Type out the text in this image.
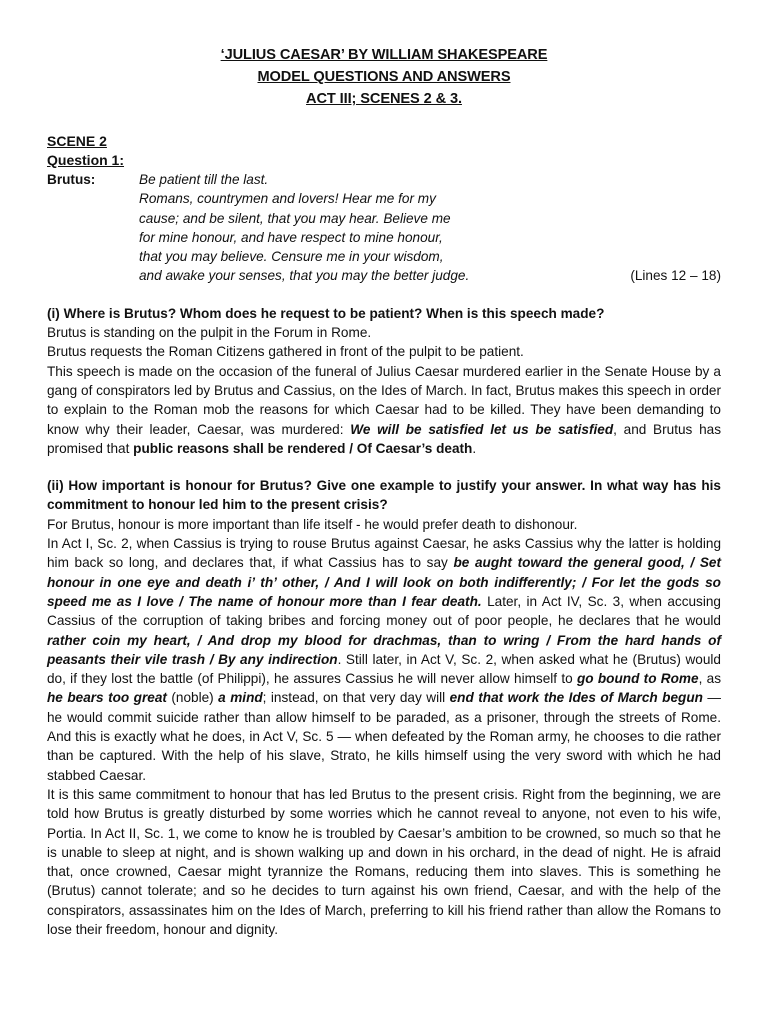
‘JULIUS CAESAR’ BY WILLIAM SHAKESPEARE
MODEL QUESTIONS AND ANSWERS
ACT III; SCENES 2 & 3.
SCENE 2
Question 1:
Brutus:	Be patient till the last.
Romans, countrymen and lovers! Hear me for my
cause; and be silent, that you may hear. Believe me
for mine honour, and have respect to mine honour,
that you may believe. Censure me in your wisdom,
and awake your senses, that you may the better judge.	(Lines 12 – 18)
(i) Where is Brutus? Whom does he request to be patient? When is this speech made?
Brutus is standing on the pulpit in the Forum in Rome.
Brutus requests the Roman Citizens gathered in front of the pulpit to be patient.
This speech is made on the occasion of the funeral of Julius Caesar murdered earlier in the Senate House by a gang of conspirators led by Brutus and Cassius, on the Ides of March. In fact, Brutus makes this speech in order to explain to the Roman mob the reasons for which Caesar had to be killed. They have been demanding to know why their leader, Caesar, was murdered: We will be satisfied let us be satisfied, and Brutus has promised that public reasons shall be rendered / Of Caesar’s death.
(ii) How important is honour for Brutus? Give one example to justify your answer. In what way has his commitment to honour led him to the present crisis?
For Brutus, honour is more important than life itself - he would prefer death to dishonour.
In Act I, Sc. 2, when Cassius is trying to rouse Brutus against Caesar, he asks Cassius why the latter is holding him back so long, and declares that, if what Cassius has to say be aught toward the general good, / Set honour in one eye and death i’ th’ other, / And I will look on both indifferently; / For let the gods so speed me as I love / The name of honour more than I fear death. Later, in Act IV, Sc. 3, when accusing Cassius of the corruption of taking bribes and forcing money out of poor people, he declares that he would rather coin my heart, / And drop my blood for drachmas, than to wring / From the hard hands of peasants their vile trash / By any indirection. Still later, in Act V, Sc. 2, when asked what he (Brutus) would do, if they lost the battle (of Philippi), he assures Cassius he will never allow himself to go bound to Rome, as he bears too great (noble) a mind; instead, on that very day will end that work the Ides of March begun — he would commit suicide rather than allow himself to be paraded, as a prisoner, through the streets of Rome. And this is exactly what he does, in Act V, Sc. 5 — when defeated by the Roman army, he chooses to die rather than be captured. With the help of his slave, Strato, he kills himself using the very sword with which he had stabbed Caesar.
It is this same commitment to honour that has led Brutus to the present crisis. Right from the beginning, we are told how Brutus is greatly disturbed by some worries which he cannot reveal to anyone, not even to his wife, Portia. In Act II, Sc. 1, we come to know he is troubled by Caesar’s ambition to be crowned, so much so that he is unable to sleep at night, and is shown walking up and down in his orchard, in the dead of night. He is afraid that, once crowned, Caesar might tyrannize the Romans, reducing them into slaves. This is something he (Brutus) cannot tolerate; and so he decides to turn against his own friend, Caesar, and with the help of the conspirators, assassinates him on the Ides of March, preferring to kill his friend rather than allow the Romans to lose their freedom, honour and dignity.
